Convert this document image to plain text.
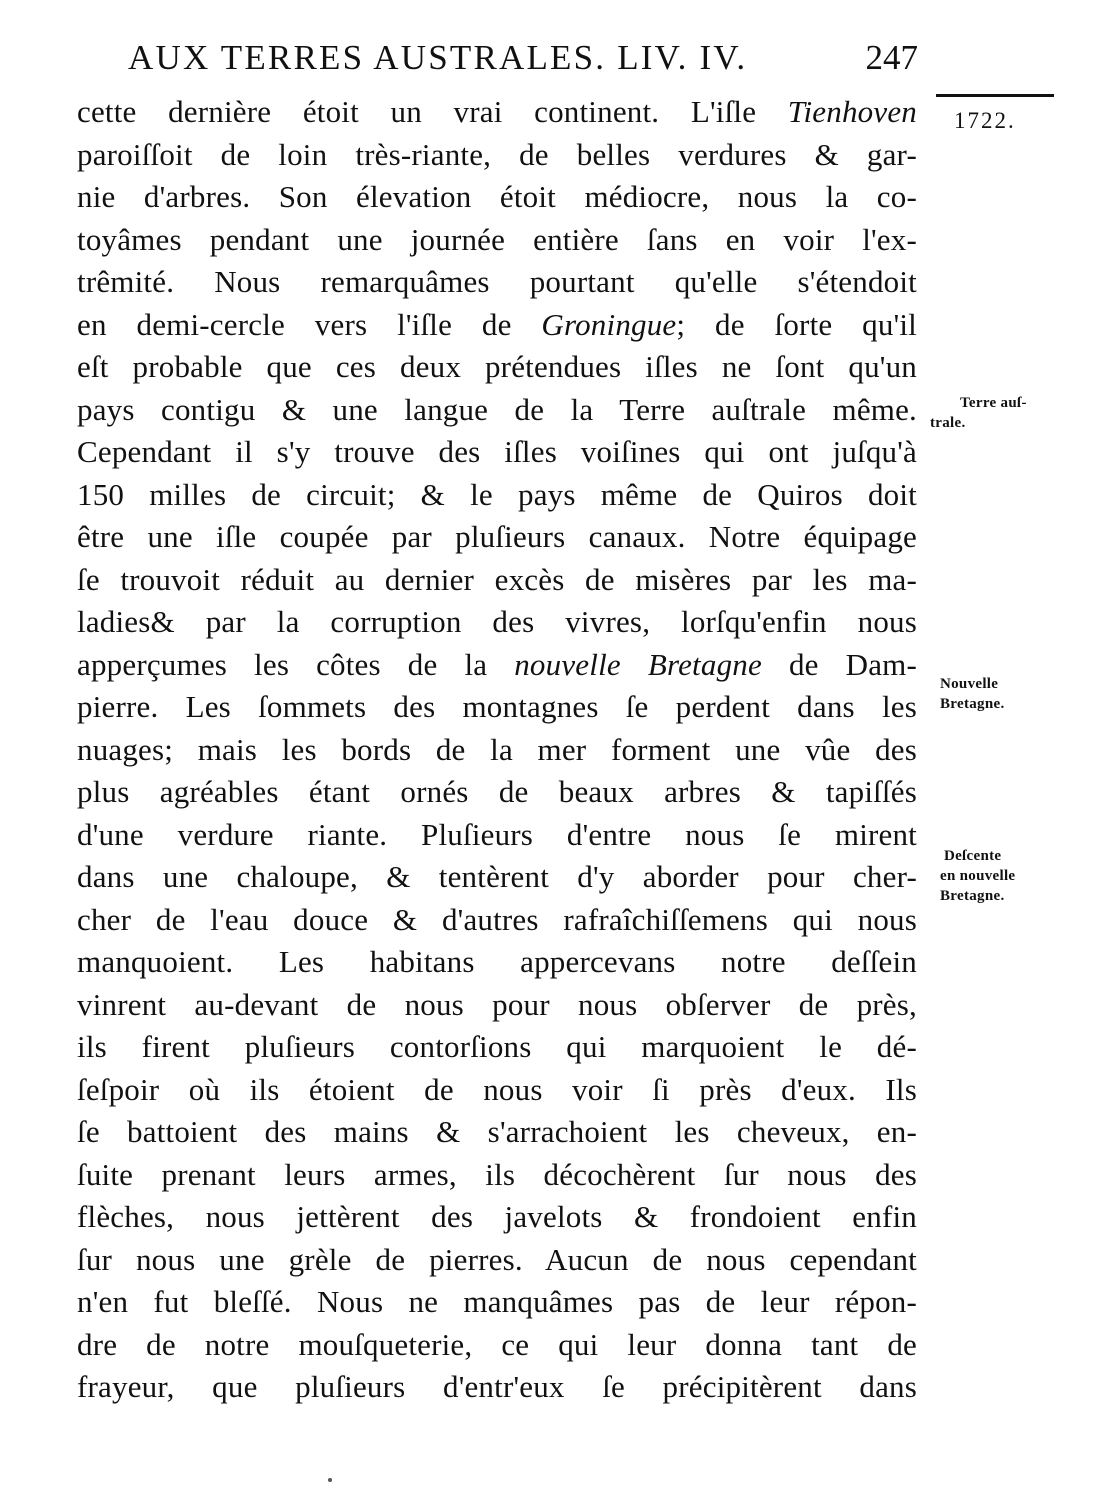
AUX TERRES AUSTRALES. LIV. IV.	247
1722.
cette dernière étoit un vrai continent. L'iſle Tienhoven
paroiſſoit de loin très-riante, de belles verdures & gar-
nie d'arbres. Son élevation étoit médiocre, nous la co-
toyâmes pendant une journée entière ſans en voir l'ex-
trêmité. Nous remarquâmes pourtant qu'elle s'étendoit
en demi-cercle vers l'iſle de Groningue; de ſorte qu'il
eſt probable que ces deux prétendues iſles ne ſont qu'un
pays contigu & une langue de la Terre auſtrale même.
Cependant il s'y trouve des iſles voiſines qui ont juſqu'à
150 milles de circuit; & le pays même de Quiros doit
être une iſle coupée par pluſieurs canaux. Notre équipage
ſe trouvoit réduit au dernier excès de misères par les ma-
ladies& par la corruption des vivres, lorſqu'enfin nous
apperçumes les côtes de la nouvelle Bretagne de Dam-
pierre. Les ſommets des montagnes ſe perdent dans les
nuages; mais les bords de la mer forment une vûe des
plus agréables étant ornés de beaux arbres & tapiſſés
d'une verdure riante. Pluſieurs d'entre nous ſe mirent
dans une chaloupe, & tentèrent d'y aborder pour cher-
cher de l'eau douce & d'autres rafraîchiſſemens qui nous
manquoient. Les habitans appercevans notre deſſein
vinrent au-devant de nous pour nous obſerver de près,
ils firent pluſieurs contorſions qui marquoient le dé-
ſeſpoir où ils étoient de nous voir ſi près d'eux. Ils
ſe battoient des mains & s'arrachoient les cheveux, en-
ſuite prenant leurs armes, ils décochèrent ſur nous des
flèches, nous jettèrent des javelots & frondoient enfin
ſur nous une grèle de pierres. Aucun de nous cependant
n'en fut bleſſé. Nous ne manquâmes pas de leur répon-
dre de notre mouſqueterie, ce qui leur donna tant de
frayeur, que pluſieurs d'entr'eux ſe précipitèrent dans
Terre auſ-
trale.
Nouvelle
Bretagne.
Deſcente
en nouvelle
Bretagne.
